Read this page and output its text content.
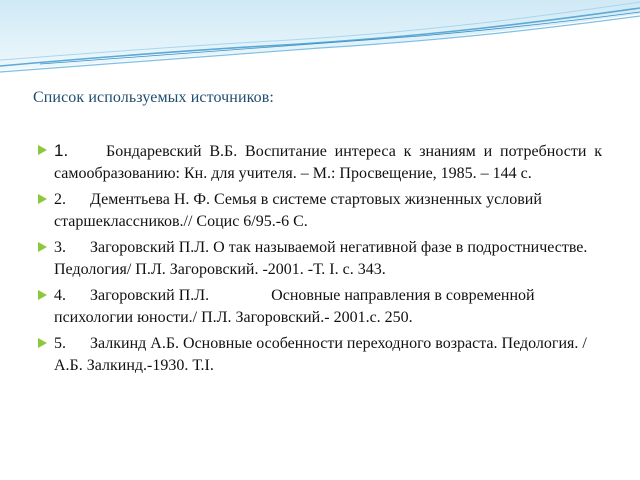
Список используемых источников:
1. Бондаревский В.Б. Воспитание интереса к знаниям и потребности к самообразованию: Кн. для учителя. – М.: Просвещение, 1985. – 144 с.
2. Дементьева Н. Ф. Семья в системе стартовых жизненных условий старшеклассников.// Социс 6/95.-6 С.
3. Загоровский П.Л. О так называемой негативной фазе в подростничестве. Педология/ П.Л. Загоровский. -2001. -Т. I. с. 343.
4. Загоровский П.Л.	Основные направления в современной психологии юности./ П.Л. Загоровский.- 2001.с. 250.
5. Залкинд А.Б. Основные особенности переходного возраста. Педология. / А.Б. Залкинд.-1930. Т.I.
